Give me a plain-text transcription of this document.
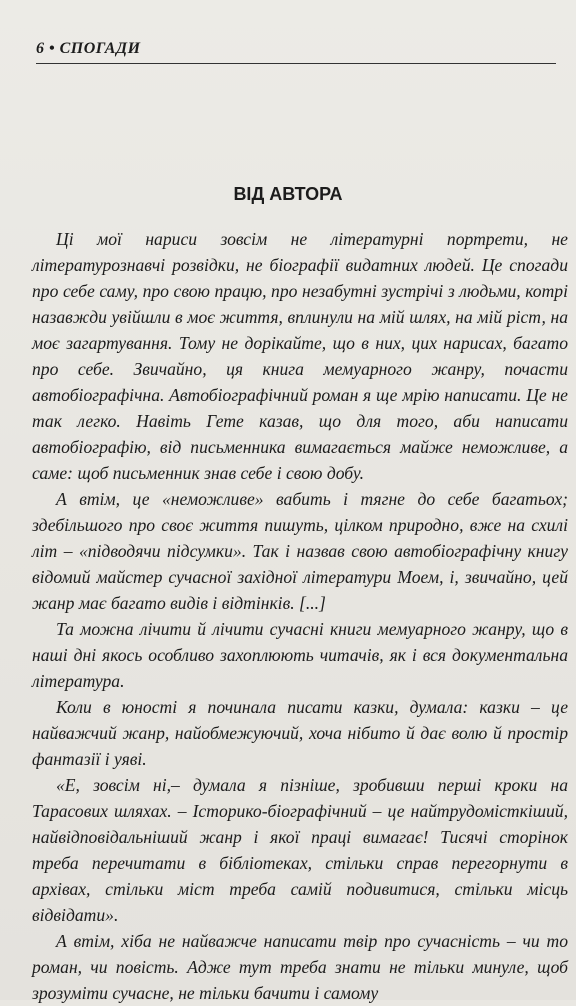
6 • СПОГАДИ
ВІД АВТОРА

Ці мої нариси зовсім не літературні портрети, не літературознавчі розвідки, не біографії видатних людей. Це спогади про себе саму, про свою працю, про незабутні зустрічі з людьми, котрі назавжди увійшли в моє життя, вплинули на мій шлях, на мій ріст, на моє загартування. Тому не дорікайте, що в них, цих нарисах, багато про себе. Звичайно, ця книга мемуарного жанру, почасти автобіографічна. Автобіографічний роман я ще мрію написати. Це не так легко. Навіть Гете казав, що для того, аби написати автобіографію, від письменника вимагається майже неможливе, а саме: щоб письменник знав себе і свою добу.

А втім, це «неможливе» вабить і тягне до себе багатьох; здебільшого про своє життя пишуть, цілком природно, вже на схилі літ – «підводячи підсумки». Так і назвав свою автобіографічну книгу відомий майстер сучасної західної літератури Моем, і, звичайно, цей жанр має багато видів і відтінків. [...]

Та можна лічити й лічити сучасні книги мемуарного жанру, що в наші дні якось особливо захоплюють читачів, як і вся документальна література.

Коли в юності я починала писати казки, думала: казки – це найважчий жанр, найобмежуючий, хоча нібито й дає волю й простір фантазії і уяві.

«Е, зовсім ні,– думала я пізніше, зробивши перші кроки на Тарасових шляхах. – Історико-біографічний – це найтрудомісткіший, найвідповідальніший жанр і якої праці вимагає! Тисячі сторінок треба перечитати в бібліотеках, стільки справ перегорнути в архівах, стільки міст треба самій подивитися, стільки місць відвідати».

А втім, хіба не найважче написати твір про сучасність – чи то роман, чи повість. Адже тут треба знати не тільки минуле, щоб зрозуміти сучасне, не тільки бачити і самому
